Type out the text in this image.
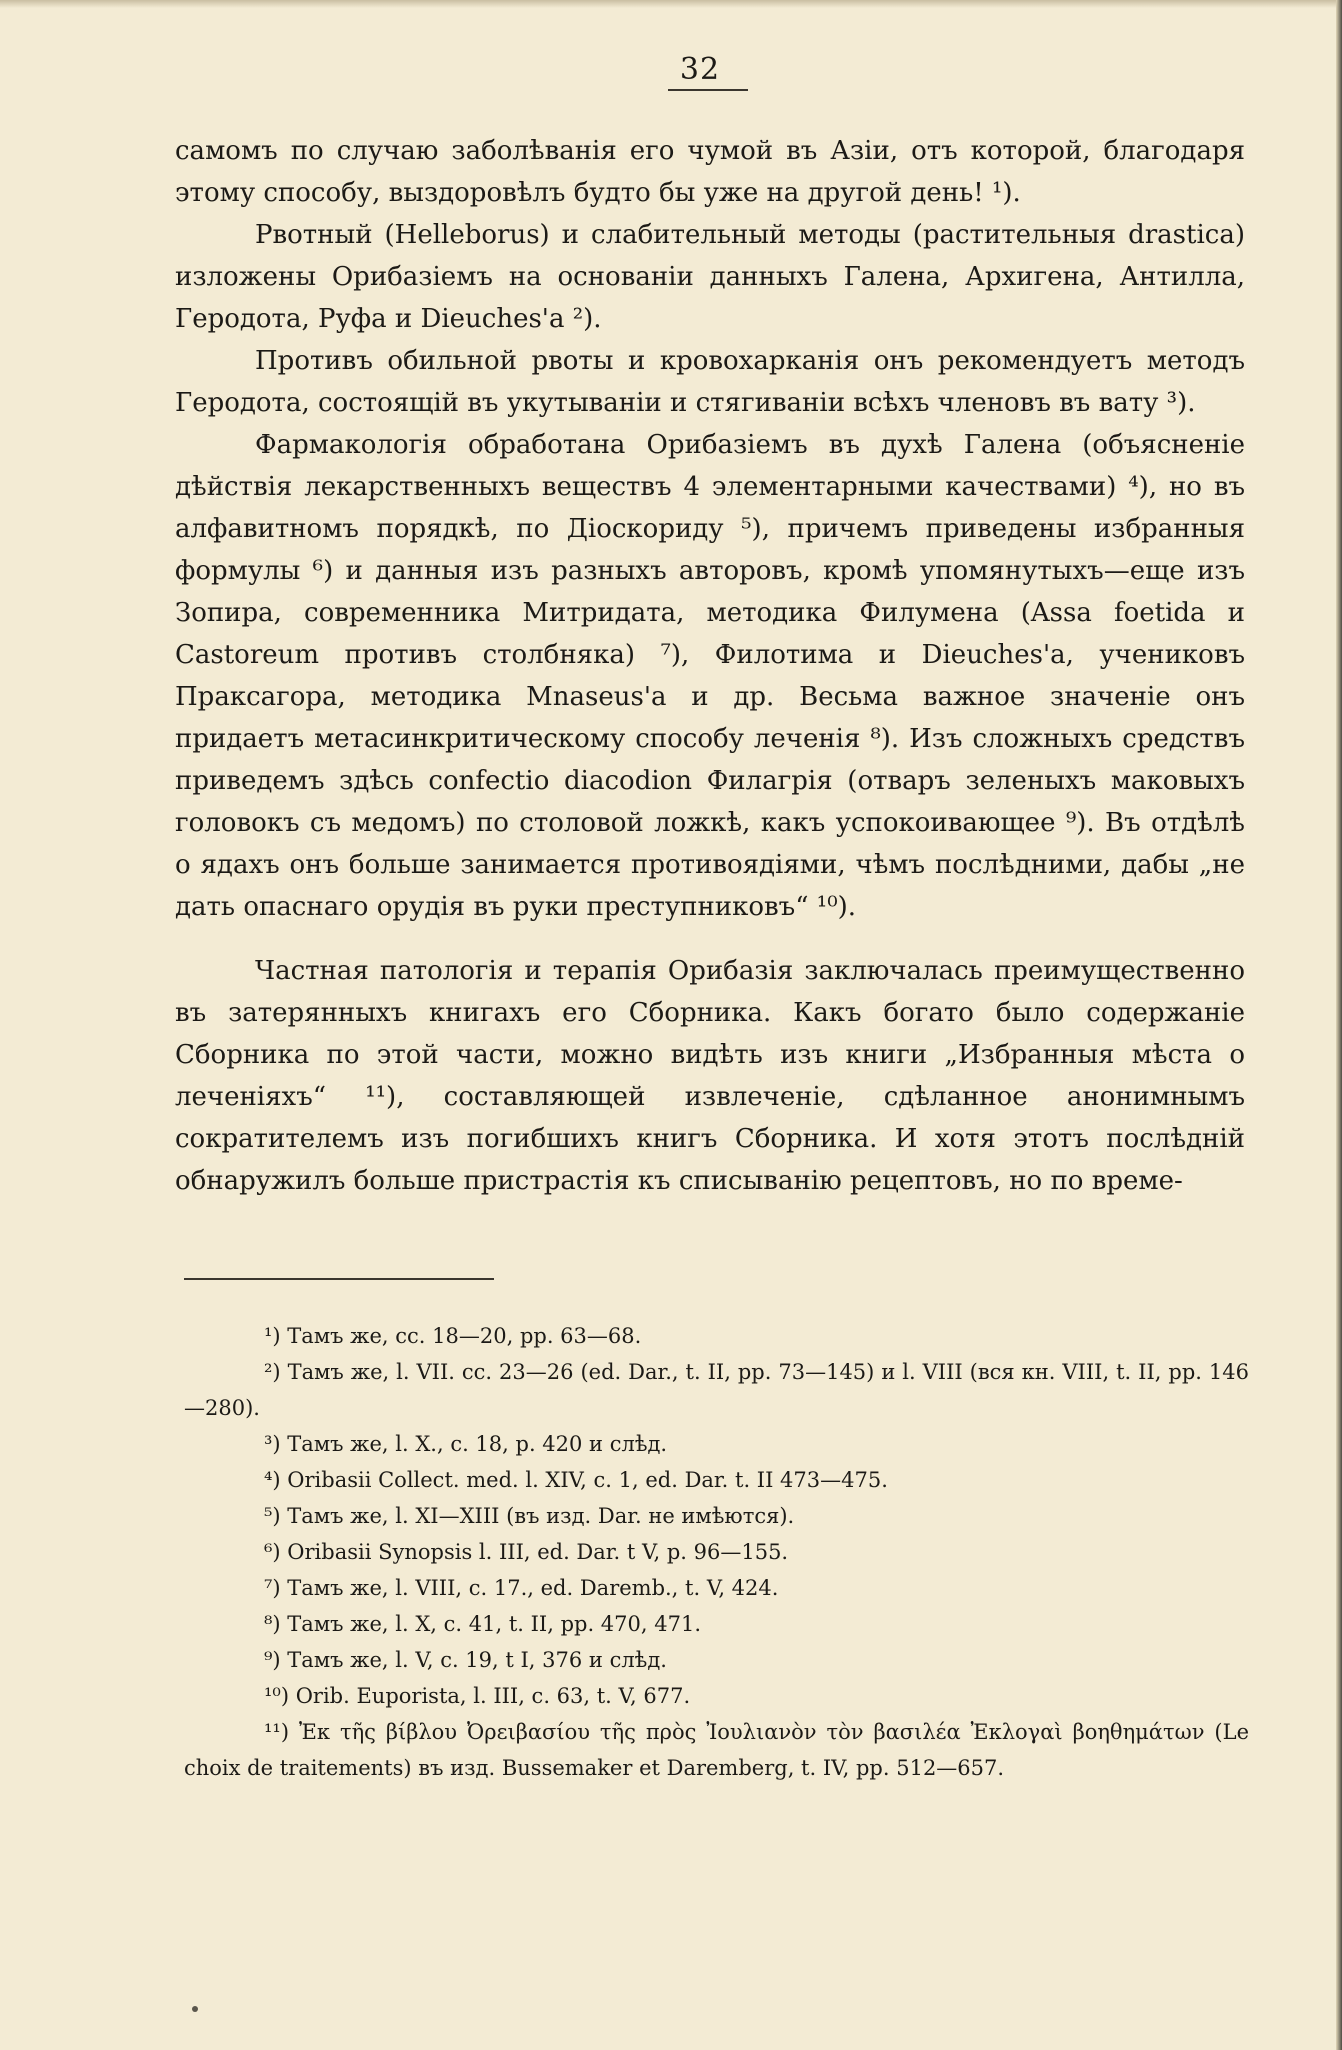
32

самомъ по случаю заболѣванія его чумой въ Азіи, отъ которой, благодаря этому способу, выздоровѣлъ будто бы уже на другой день! ¹).

Рвотный (Helleborus) и слабительный методы (растительныя drastica) изложены Орибазіемъ на основаніи данныхъ Галена, Архигена, Антилла, Геродота, Руфа и Dieuches'a ²).

Противъ обильной рвоты и кровохарканія онъ рекомендуетъ методъ Геродота, состоящій въ укутываніи и стягиваніи всѣхъ членовъ въ вату ³).

Фармакологія обработана Орибазіемъ въ духѣ Галена (объясненіе дѣйствія лекарственныхъ веществъ 4 элементарными качествами) ⁴), но въ алфавитномъ порядкѣ, по Діоскориду ⁵), причемъ приведены избранныя формулы ⁶) и данныя изъ разныхъ авторовъ, кромѣ упомянутыхъ—еще изъ Зопира, современника Митридата, методика Филумена (Assa foetida и Castoreum противъ столбняка) ⁷), Филотима и Dieuches'a, учениковъ Праксагора, методика Mnaseus'a и др. Весьма важное значеніе онъ придаетъ метасинкритическому способу леченія ⁸). Изъ сложныхъ средствъ приведемъ здѣсь confectio diacodion Филагрія (отваръ зеленыхъ маковыхъ головокъ съ медомъ) по столовой ложкѣ, какъ успокоивающее ⁹). Въ отдѣлѣ о ядахъ онъ больше занимается противоядіями, чѣмъ послѣдними, дабы „не дать опаснаго орудія въ руки преступниковъ“ ¹⁰).

Частная патологія и терапія Орибазія заключалась преимущественно въ затерянныхъ книгахъ его Сборника. Какъ богато было содержаніе Сборника по этой части, можно видѣть изъ книги „Избранныя мѣста о леченіяхъ“ ¹¹), составляющей извлеченіе, сдѣланное анонимнымъ сократителемъ изъ погибшихъ книгъ Сборника. И хотя этотъ послѣдній обнаружилъ больше пристрастія къ списыванію рецептовъ, но по време-

¹) Тамъ же, сс. 18—20, pp. 63—68.

²) Тамъ же, l. VII. сс. 23—26 (ed. Dar., t. II, pp. 73—145) и l. VIII (вся кн. VIII, t. II, pp. 146—280).

³) Тамъ же, l. X., с. 18, p. 420 и слѣд.

⁴) Oribasii Collect. med. l. XIV, с. 1, ed. Dar. t. II 473—475.

⁵) Тамъ же, l. XI—XIII (въ изд. Dar. не имѣются).

⁶) Oribasii Synopsis l. III, ed. Dar. t V, p. 96—155.

⁷) Тамъ же, l. VIII, с. 17., ed. Daremb., t. V, 424.

⁸) Тамъ же, l. X, с. 41, t. II, pp. 470, 471.

⁹) Тамъ же, l. V, с. 19, t I, 376 и слѣд.

¹⁰) Orib. Euporista, l. III, с. 63, t. V, 677.

¹¹) Ἐκ τῆς βίβλου Ὀρειβασίου τῆς πρὸς Ἰουλιανὸν τὸν βασιλέα Ἐκλογαὶ βοηθημάτων (Le choix de traitements) въ изд. Bussemaker et Daremberg, t. IV, pp. 512—657.
